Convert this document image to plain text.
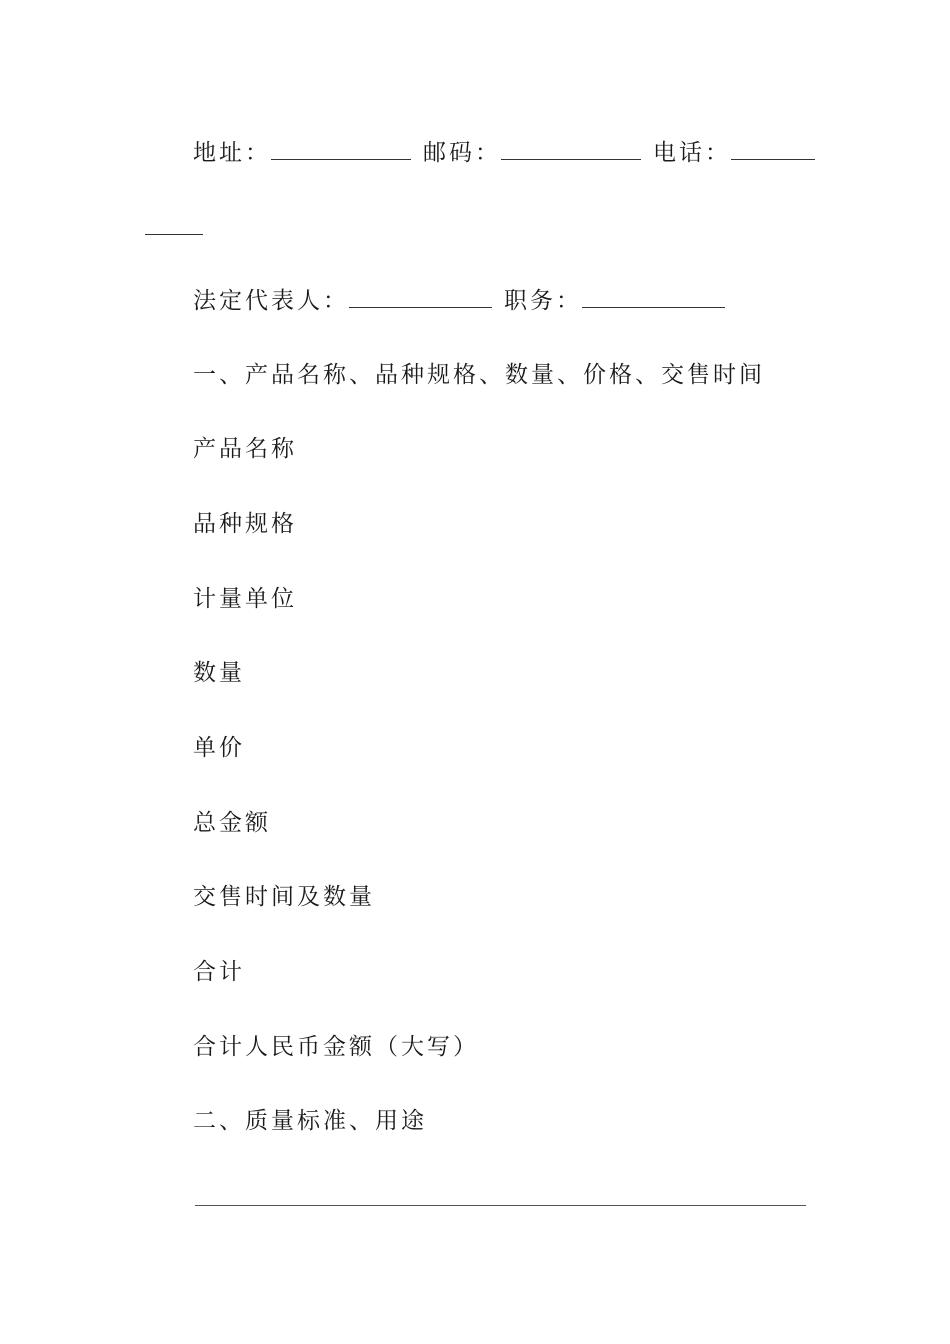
地址：	邮码：	电话：
法定代表人：	职务：
一、产品名称、品种规格、数量、价格、交售时间
产品名称
品种规格
计量单位
数量
单价
总金额
交售时间及数量
合计
合计人民币金额（大写）
二、质量标准、用途
